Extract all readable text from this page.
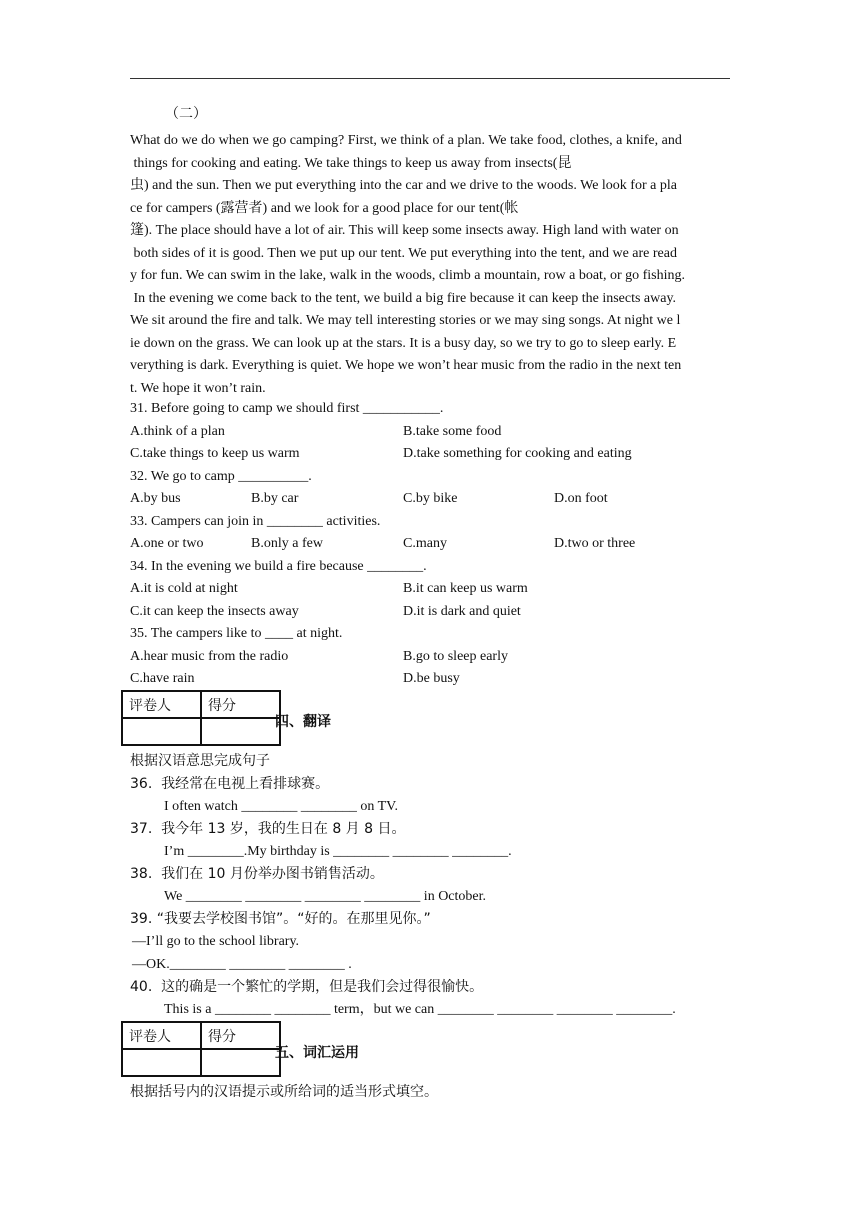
（二）
What do we do when we go camping? First, we think of a plan. We take food, clothes, a knife, and
things for cooking and eating. We take things to keep us away from insects(昆
虫) and the sun. Then we put everything into the car and we drive to the woods. We look for a pla
ce for campers (露营者) and we look for a good place for our tent(帐
篷). The place should have a lot of air. This will keep some insects away. High land with water on
both sides of it is good. Then we put up our tent. We put everything into the tent, and we are read
y for fun. We can swim in the lake, walk in the woods, climb a mountain, row a boat, or go fishing.
In the evening we come back to the tent, we build a big fire because it can keep the insects away.
We sit around the fire and talk. We may tell interesting stories or we may sing songs. At night we l
ie down on the grass. We can look up at the stars. It is a busy day, so we try to go to sleep early. E
verything is dark. Everything is quiet. We hope we won’t hear music from the radio in the next ten
t. We hope it won’t rain.
31. Before going to camp we should first ___________.
A.think of a plan	B.take some food
C.take things to keep us warm	D.take something for cooking and eating
32. We go to camp __________.
A.by bus	B.by car	C.by bike	D.on foot
33. Campers can join in ________ activities.
A.one or two	B.only a few	C.many	D.two or three
34. In the evening we build a fire because ________.
A.it is cold at night	B.it can keep us warm
C.it can keep the insects away	D.it is dark and quiet
35. The campers like to ____ at night.
A.hear music from the radio	B.go to sleep early
C.have rain	D.be busy
评卷人	得分

四、翻译
根据汉语意思完成句子
36.  我经常在电视上看排球赛。
I often watch ________ ________ on TV.
37.  我今年 13 岁，我的生日在 8 月 8 日。
I’m ________.My birthday is ________ ________ ________.
38.  我们在 10 月份举办图书销售活动。
We ________ ________ ________ ________ in October.
39. “我要去学校图书馆”。“好的。在那里见你。”
—I’ll go to the school library.
—OK.________ ________ ________ .
40.  这的确是一个繁忙的学期，但是我们会过得很愉快。
This is a ________ ________ term，but we can ________ ________ ________ ________.
评卷人	得分

五、词汇运用
根据括号内的汉语提示或所给词的适当形式填空。
